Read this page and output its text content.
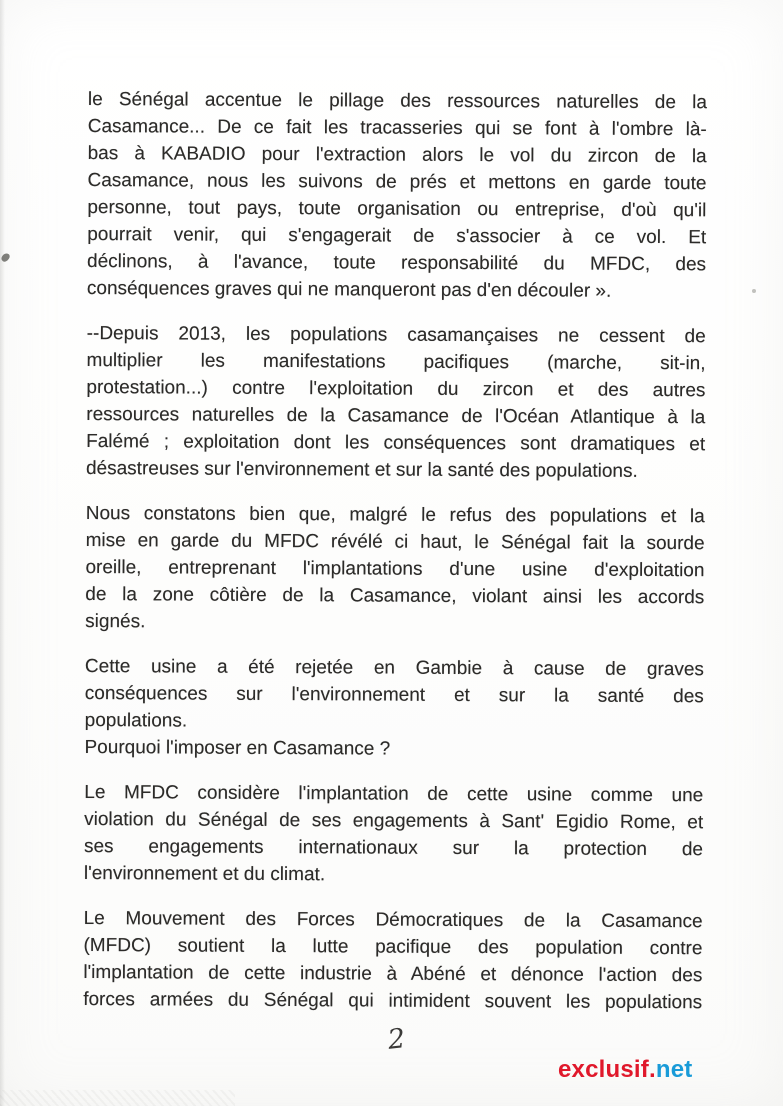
le Sénégal accentue le pillage des ressources naturelles de la
Casamance... De ce fait les tracasseries qui se font à l'ombre là-
bas à KABADIO pour l'extraction alors le vol du zircon de la
Casamance, nous les suivons de prés et mettons en garde toute
personne, tout pays, toute organisation ou entreprise, d'où qu'il
pourrait venir, qui s'engagerait de s'associer à ce vol. Et
déclinons, à l'avance, toute responsabilité du MFDC, des
conséquences graves qui ne manqueront pas d'en découler ».
--Depuis 2013, les populations casamançaises ne cessent de
multiplier les manifestations pacifiques (marche, sit-in,
protestation...) contre l'exploitation du zircon et des autres
ressources naturelles de la Casamance de l'Océan Atlantique à la
Falémé ; exploitation dont les conséquences sont dramatiques et
désastreuses sur l'environnement et sur la santé des populations.
Nous constatons bien que, malgré le refus des populations et la
mise en garde du MFDC révélé ci haut, le Sénégal fait la sourde
oreille, entreprenant l'implantations d'une usine d'exploitation
de la zone côtière de la Casamance, violant ainsi les accords
signés.
Cette usine a été rejetée en Gambie à cause de graves
conséquences sur l'environnement et sur la santé des
populations.
Pourquoi l'imposer en Casamance ?
Le MFDC considère l'implantation de cette usine comme une
violation du Sénégal de ses engagements à Sant' Egidio Rome, et
ses engagements internationaux sur la protection de
l'environnement et du climat.
Le Mouvement des Forces Démocratiques de la Casamance
(MFDC) soutient la lutte pacifique des population contre
l'implantation de cette industrie à Abéné et dénonce l'action des
forces armées du Sénégal qui intimident souvent les populations
2
exclusif.net
